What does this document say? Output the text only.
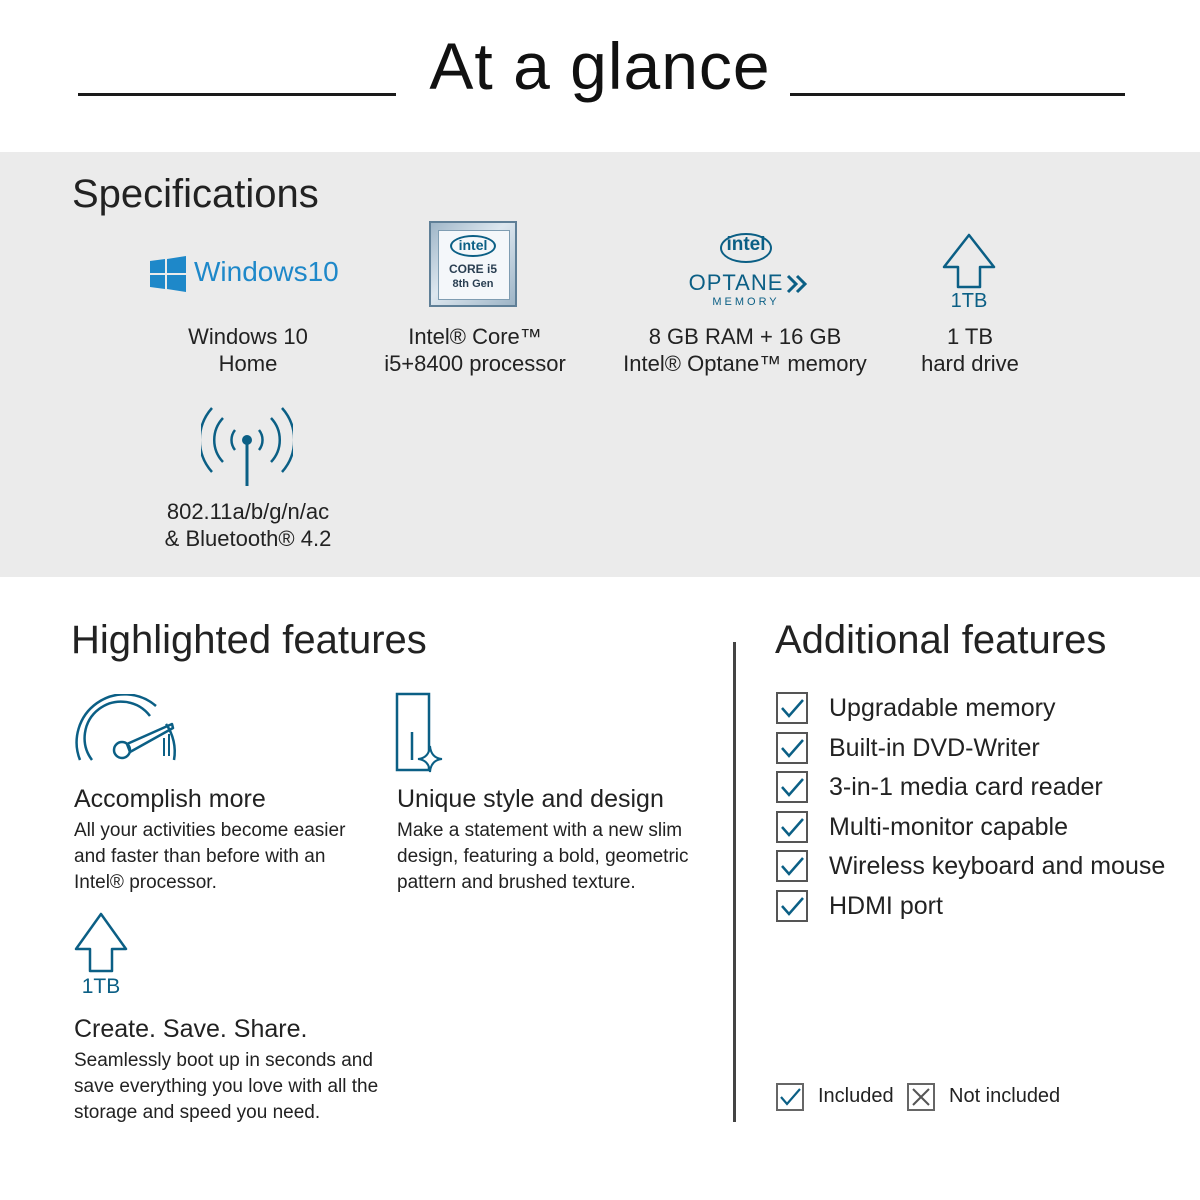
At a glance
Specifications
Windows10
intel
CORE i5
8th Gen
intel
OPTANE
MEMORY	1TB
Windows 10
Home
Intel® Core™
i5+8400 processor
8 GB RAM + 16 GB
Intel® Optane™ memory
1 TB
hard drive
802.11a/b/g/n/ac
& Bluetooth® 4.2
Highlighted features
Accomplish more
All your activities become easier and faster than before with an Intel® processor.
Unique style and design
Make a statement with a new slim design, featuring a bold, geometric pattern and brushed texture.
1TB
Create. Save. Share.
Seamlessly boot up in seconds and save everything you love with all the storage and speed you need.
Additional features
Upgradable memory
Built-in DVD-Writer
3-in-1 media card reader
Multi-monitor capable
Wireless keyboard and mouse
HDMI port
Included	Not included
